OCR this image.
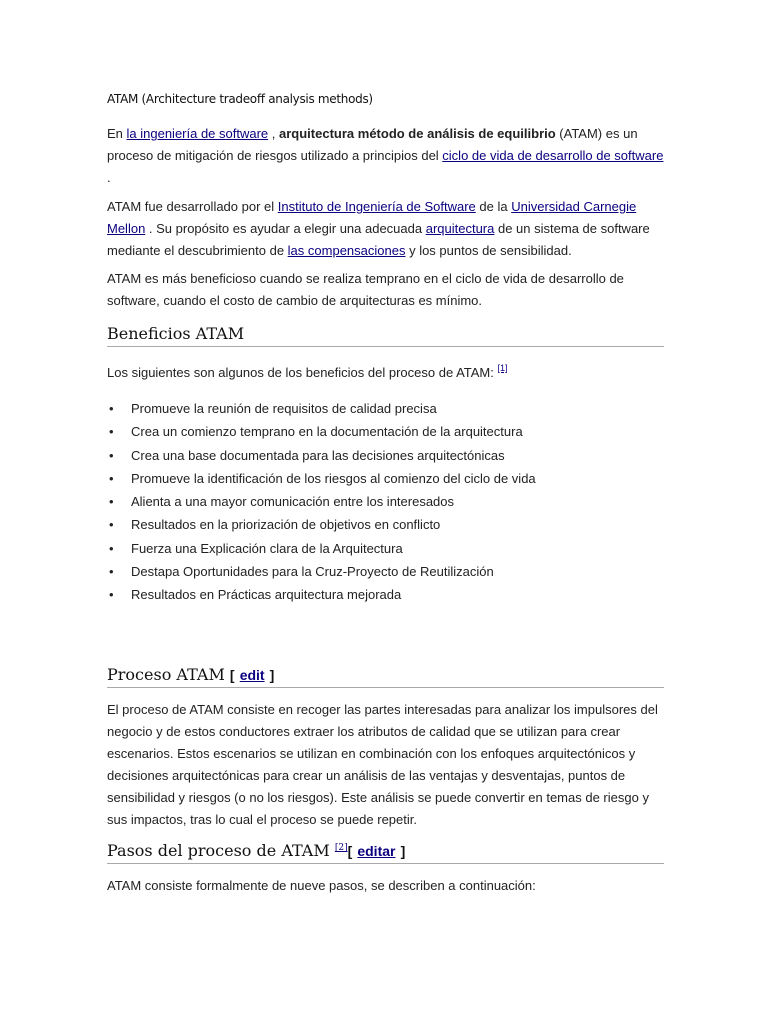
ATAM (Architecture tradeoff analysis methods)

En la ingeniería de software , arquitectura método de análisis de equilibrio (ATAM) es un proceso de mitigación de riesgos utilizado a principios del ciclo de vida de desarrollo de software .

ATAM fue desarrollado por el Instituto de Ingeniería de Software de la Universidad Carnegie Mellon . Su propósito es ayudar a elegir una adecuada arquitectura de un sistema de software mediante el descubrimiento de las compensaciones y los puntos de sensibilidad.

ATAM es más beneficioso cuando se realiza temprano en el ciclo de vida de desarrollo de software, cuando el costo de cambio de arquitecturas es mínimo.

Beneficios ATAM

Los siguientes son algunos de los beneficios del proceso de ATAM: [1]

• Promueve la reunión de requisitos de calidad precisa
• Crea un comienzo temprano en la documentación de la arquitectura
• Crea una base documentada para las decisiones arquitectónicas
• Promueve la identificación de los riesgos al comienzo del ciclo de vida
• Alienta a una mayor comunicación entre los interesados
• Resultados en la priorización de objetivos en conflicto
• Fuerza una Explicación clara de la Arquitectura
• Destapa Oportunidades para la Cruz-Proyecto de Reutilización
• Resultados en Prácticas arquitectura mejorada
Proceso ATAM [ edit ]

El proceso de ATAM consiste en recoger las partes interesadas para analizar los impulsores del negocio y de estos conductores extraer los atributos de calidad que se utilizan para crear escenarios. Estos escenarios se utilizan en combinación con los enfoques arquitectónicos y decisiones arquitectónicas para crear un análisis de las ventajas y desventajas, puntos de sensibilidad y riesgos (o no los riesgos). Este análisis se puede convertir en temas de riesgo y sus impactos, tras lo cual el proceso se puede repetir.

Pasos del proceso de ATAM [2][ editar ]

ATAM consiste formalmente de nueve pasos, se describen a continuación:
